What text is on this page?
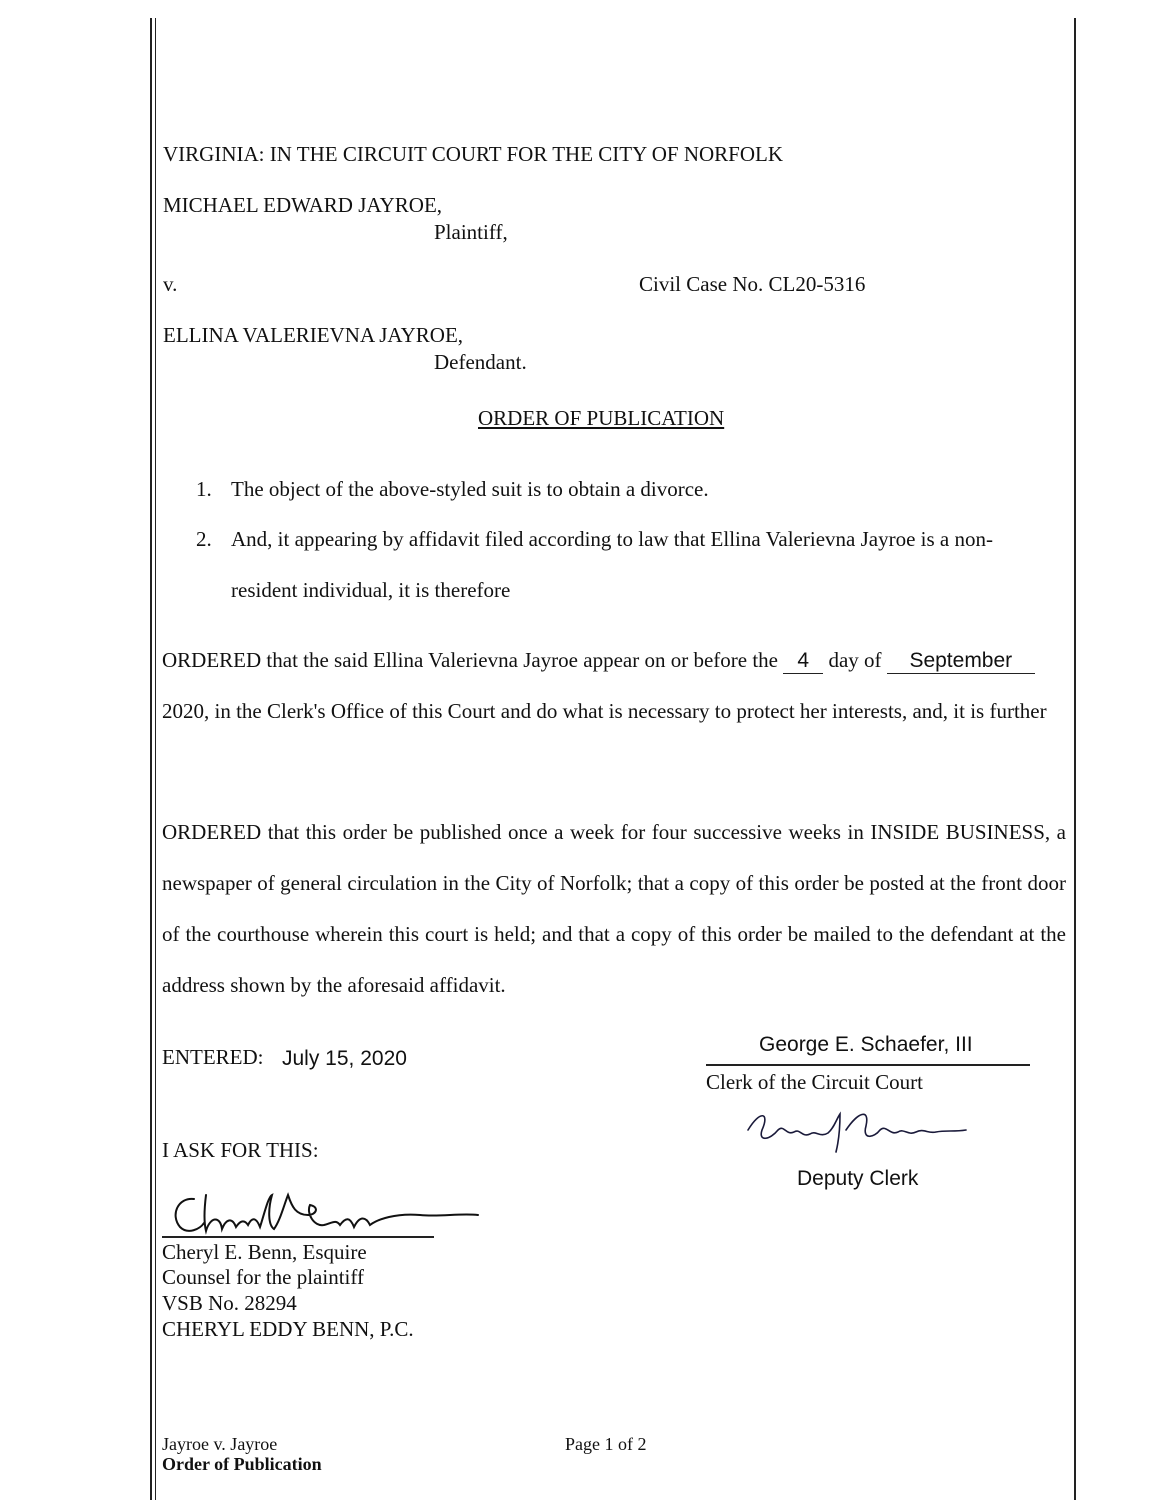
VIRGINIA: IN THE CIRCUIT COURT FOR THE CITY OF NORFOLK
MICHAEL EDWARD JAYROE,
Plaintiff,
v.	Civil Case No. CL20-5316
ELLINA VALERIEVNA JAYROE,
Defendant.
ORDER OF PUBLICATION
1. The object of the above-styled suit is to obtain a divorce.
2. And, it appearing by affidavit filed according to law that Ellina Valerievna Jayroe is a non-
resident individual, it is therefore
ORDERED that the said Ellina Valerievna Jayroe appear on or before the 4 day of September
2020, in the Clerk's Office of this Court and do what is necessary to protect her interests, and, it is further
ORDERED that this order be published once a week for four successive weeks in INSIDE BUSINESS, a newspaper of general circulation in the City of Norfolk; that a copy of this order be posted at the front door of the courthouse wherein this court is held; and that a copy of this order be mailed to the defendant at the address shown by the aforesaid affidavit.
ENTERED: July 15, 2020
George E. Schaefer, III
Clerk of the Circuit Court
Deputy Clerk
I ASK FOR THIS:
Cheryl E. Benn, Esquire
Counsel for the plaintiff
VSB No. 28294
CHERYL EDDY BENN, P.C.
Jayroe v. Jayroe
Order of Publication
Page 1 of 2
